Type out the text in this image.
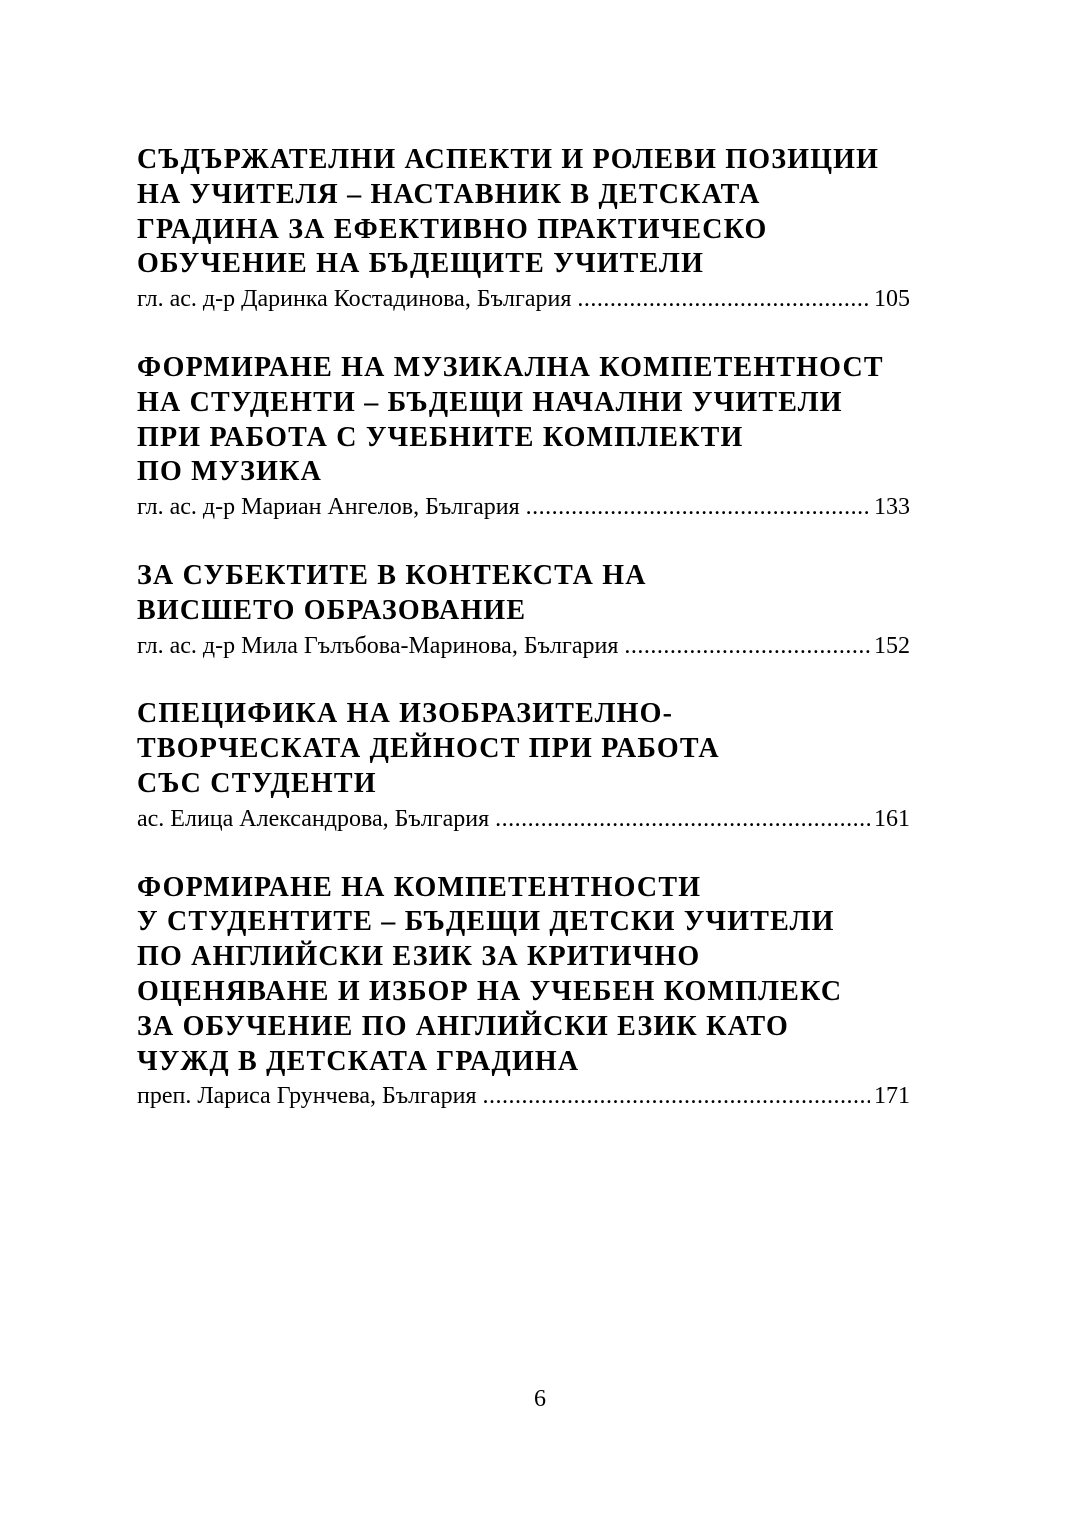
СЪДЪРЖАТЕЛНИ АСПЕКТИ И РОЛЕВИ ПОЗИЦИИ
НА УЧИТЕЛЯ – НАСТАВНИК В ДЕТСКАТА
ГРАДИНА ЗА ЕФЕКТИВНО ПРАКТИЧЕСКО
ОБУЧЕНИЕ НА БЪДЕЩИТЕ УЧИТЕЛИ
гл. ас. д-р Даринка Костадинова, България .....	105
ФОРМИРАНЕ НА МУЗИКАЛНА КОМПЕТЕНТНОСТ
НА СТУДЕНТИ – БЪДЕЩИ НАЧАЛНИ УЧИТЕЛИ
ПРИ РАБОТА С УЧЕБНИТЕ КОМПЛЕКТИ
ПО МУЗИКА
гл. ас. д-р Мариан Ангелов, България .....	133
ЗА СУБЕКТИТЕ В КОНТЕКСТА НА
ВИСШЕТО ОБРАЗОВАНИЕ
гл. ас. д-р Мила Гълъбова-Маринова, България .....	152
СПЕЦИФИКА НА ИЗОБРАЗИТЕЛНО-
ТВОРЧЕСКАТА ДЕЙНОСТ ПРИ РАБОТА
СЪС СТУДЕНТИ
ас. Елица Александрова, България .....	161
ФОРМИРАНЕ НА КОМПЕТЕНТНОСТИ
У СТУДЕНТИТЕ – БЪДЕЩИ ДЕТСКИ УЧИТЕЛИ
ПО АНГЛИЙСКИ ЕЗИК ЗА КРИТИЧНО
ОЦЕНЯВАНЕ И ИЗБОР НА УЧЕБЕН КОМПЛЕКС
ЗА ОБУЧЕНИЕ ПО АНГЛИЙСКИ ЕЗИК КАТО
ЧУЖД В ДЕТСКАТА ГРАДИНА
преп. Лариса Грунчева, България .....	171
6
